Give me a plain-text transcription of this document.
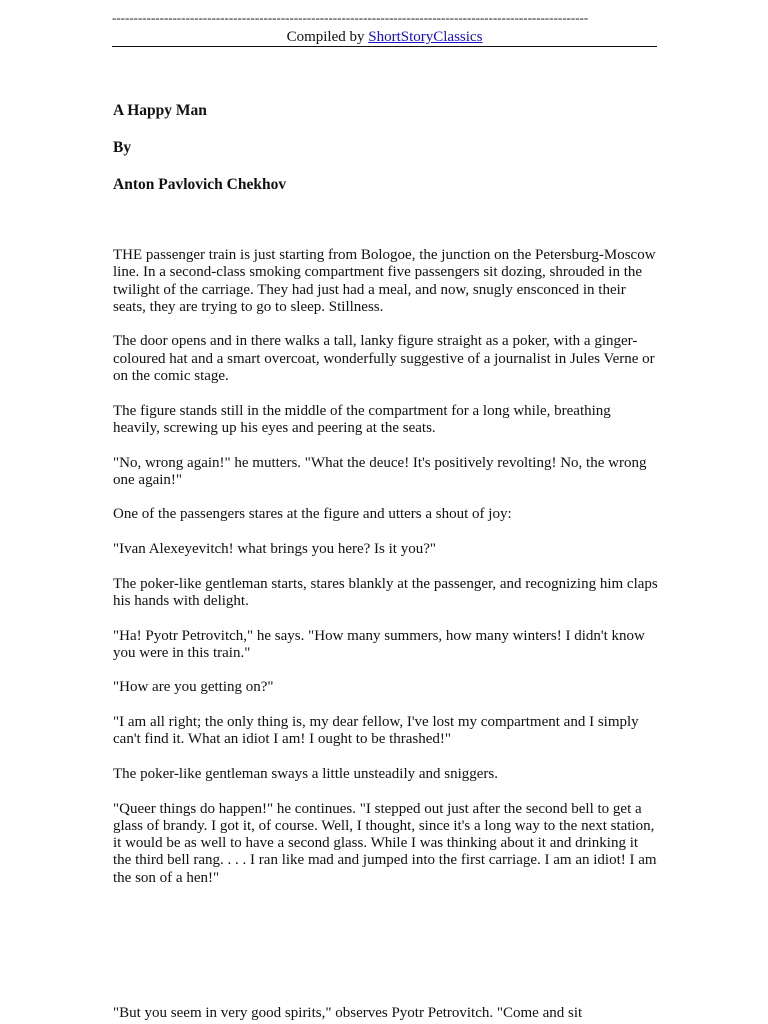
--------------------------------------------------------------------------------------------------------------
Compiled by ShortStoryClassics
A Happy Man
By
Anton Pavlovich Chekhov

THE passenger train is just starting from Bologoe, the junction on the Petersburg-Moscow line. In a second-class smoking compartment five passengers sit dozing, shrouded in the twilight of the carriage. They had just had a meal, and now, snugly ensconced in their seats, they are trying to go to sleep. Stillness.

The door opens and in there walks a tall, lanky figure straight as a poker, with a ginger-coloured hat and a smart overcoat, wonderfully suggestive of a journalist in Jules Verne or on the comic stage.

The figure stands still in the middle of the compartment for a long while, breathing heavily, screwing up his eyes and peering at the seats.

"No, wrong again!" he mutters. "What the deuce! It's positively revolting! No, the wrong one again!"

One of the passengers stares at the figure and utters a shout of joy:

"Ivan Alexeyevitch! what brings you here? Is it you?"

The poker-like gentleman starts, stares blankly at the passenger, and recognizing him claps his hands with delight.

"Ha! Pyotr Petrovitch," he says. "How many summers, how many winters! I didn't know you were in this train."

"How are you getting on?"

"I am all right; the only thing is, my dear fellow, I've lost my compartment and I simply can't find it. What an idiot I am! I ought to be thrashed!"

The poker-like gentleman sways a little unsteadily and sniggers.

"Queer things do happen!" he continues. "I stepped out just after the second bell to get a glass of brandy. I got it, of course. Well, I thought, since it's a long way to the next station, it would be as well to have a second glass. While I was thinking about it and drinking it the third bell rang. . . . I ran like mad and jumped into the first carriage. I am an idiot! I am the son of a hen!"

"But you seem in very good spirits," observes Pyotr Petrovitch. "Come and sit
